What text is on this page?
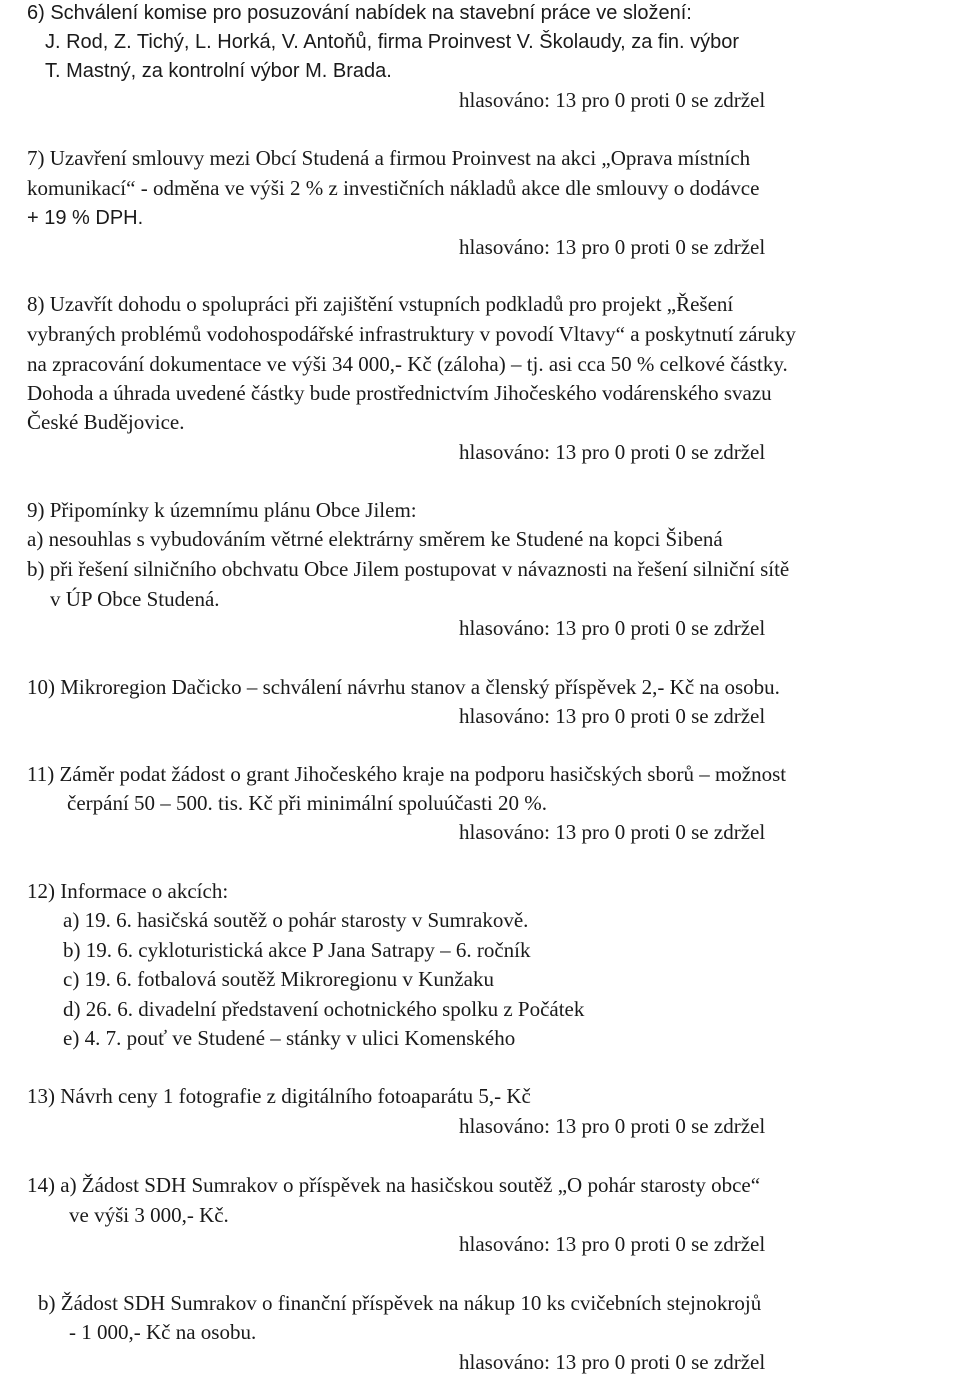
6) Schválení komise pro posuzování nabídek na stavební práce ve složení:
J. Rod, Z. Tichý, L. Horká, V. Antoňů, firma Proinvest V. Školaudy, za fin. výbor
T. Mastný, za kontrolní výbor M. Brada.
hlasováno: 13 pro 0 proti 0 se zdržel
7) Uzavření smlouvy mezi Obcí Studená a firmou Proinvest na akci „Oprava místních
komunikací“ - odměna ve výši 2 % z investičních nákladů akce dle smlouvy o dodávce
+ 19 % DPH.
hlasováno: 13 pro 0 proti 0 se zdržel
8) Uzavřít dohodu o spolupráci při zajištění vstupních podkladů pro projekt „Řešení
vybraných problémů vodohospodářské infrastruktury v povodí Vltavy“ a poskytnutí záruky
na zpracování dokumentace ve výši 34 000,- Kč (záloha) – tj. asi cca 50 % celkové částky.
Dohoda a úhrada uvedené částky bude prostřednictvím Jihočeského vodárenského svazu
České Budějovice.
hlasováno: 13 pro 0 proti 0 se zdržel
9) Připomínky k územnímu plánu Obce Jilem:
a) nesouhlas s vybudováním větrné elektrárny směrem ke Studené na kopci Šibená
b) při řešení silničního obchvatu Obce Jilem postupovat v návaznosti na řešení silniční sítě
v ÚP Obce Studená.
hlasováno: 13 pro 0 proti 0 se zdržel
10) Mikroregion Dačicko – schválení návrhu stanov a členský příspěvek 2,- Kč na osobu.
hlasováno: 13 pro 0 proti 0 se zdržel
11) Záměr podat žádost o grant Jihočeského kraje na podporu hasičských sborů – možnost
čerpání 50 – 500. tis. Kč při minimální spoluúčasti 20 %.
hlasováno: 13 pro 0 proti 0 se zdržel
12) Informace o akcích:
a) 19. 6. hasičská soutěž o pohár starosty v Sumrakově.
b) 19. 6. cykloturistická akce P Jana Satrapy – 6. ročník
c) 19. 6. fotbalová soutěž Mikroregionu v Kunžaku
d) 26. 6. divadelní představení ochotnického spolku z Počátek
e) 4. 7. pouť ve Studené – stánky v ulici Komenského
13) Návrh ceny 1 fotografie z digitálního fotoaparátu 5,- Kč
hlasováno: 13 pro 0 proti 0 se zdržel
14) a) Žádost SDH Sumrakov o příspěvek na hasičskou soutěž „O pohár starosty obce“
ve výši 3 000,- Kč.
hlasováno: 13 pro 0 proti 0 se zdržel
b) Žádost SDH Sumrakov o finanční příspěvek na nákup 10 ks cvičebních stejnokrojů
- 1 000,- Kč na osobu.
hlasováno: 13 pro 0 proti 0 se zdržel
